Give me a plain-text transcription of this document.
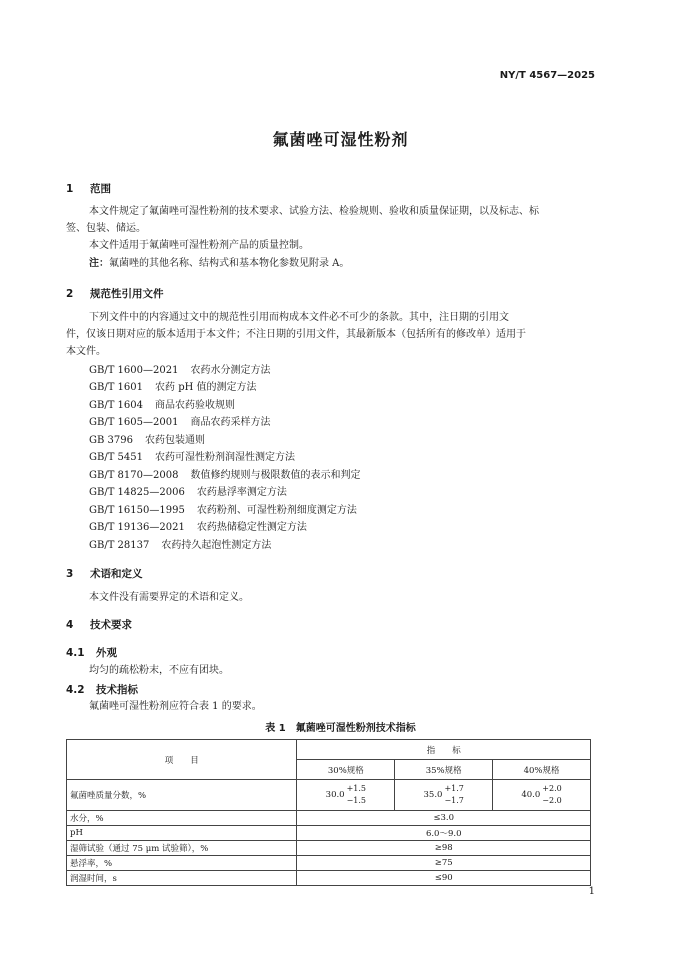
NY/T 4567—2025
氟菌唑可湿性粉剂
1 范围
本文件规定了氟菌唑可湿性粉剂的技术要求、试验方法、检验规则、验收和质量保证期，以及标志、标
签、包装、储运。
本文件适用于氟菌唑可湿性粉剂产品的质量控制。
注：氟菌唑的其他名称、结构式和基本物化参数见附录 A。
2 规范性引用文件
下列文件中的内容通过文中的规范性引用而构成本文件必不可少的条款。其中，注日期的引用文
件，仅该日期对应的版本适用于本文件；不注日期的引用文件，其最新版本（包括所有的修改单）适用于
本文件。
GB/T 1600—2021 农药水分测定方法
GB/T 1601 农药 pH 值的测定方法
GB/T 1604 商品农药验收规则
GB/T 1605—2001 商品农药采样方法
GB 3796 农药包装通则
GB/T 5451 农药可湿性粉剂润湿性测定方法
GB/T 8170—2008 数值修约规则与极限数值的表示和判定
GB/T 14825—2006 农药悬浮率测定方法
GB/T 16150—1995 农药粉剂、可湿性粉剂细度测定方法
GB/T 19136—2021 农药热储稳定性测定方法
GB/T 28137 农药持久起泡性测定方法
3 术语和定义
本文件没有需要界定的术语和定义。
4 技术要求
4.1 外观
均匀的疏松粉末，不应有团块。
4.2 技术指标
氟菌唑可湿性粉剂应符合表 1 的要求。
表 1　氟菌唑可湿性粉剂技术指标
项　　目	指　　标		
	30%规格	35%规格	40%规格
氟菌唑质量分数，%	30.0
+1.5
−1.5	35.0
+1.7
−1.7	40.0
+2.0
−2.0

水分，%	≤3.0		
pH	6.0～9.0		
湿筛试验（通过 75 μm 试验筛），%	≥98		
悬浮率，%	≥75		
润湿时间，s	≤90		
1
